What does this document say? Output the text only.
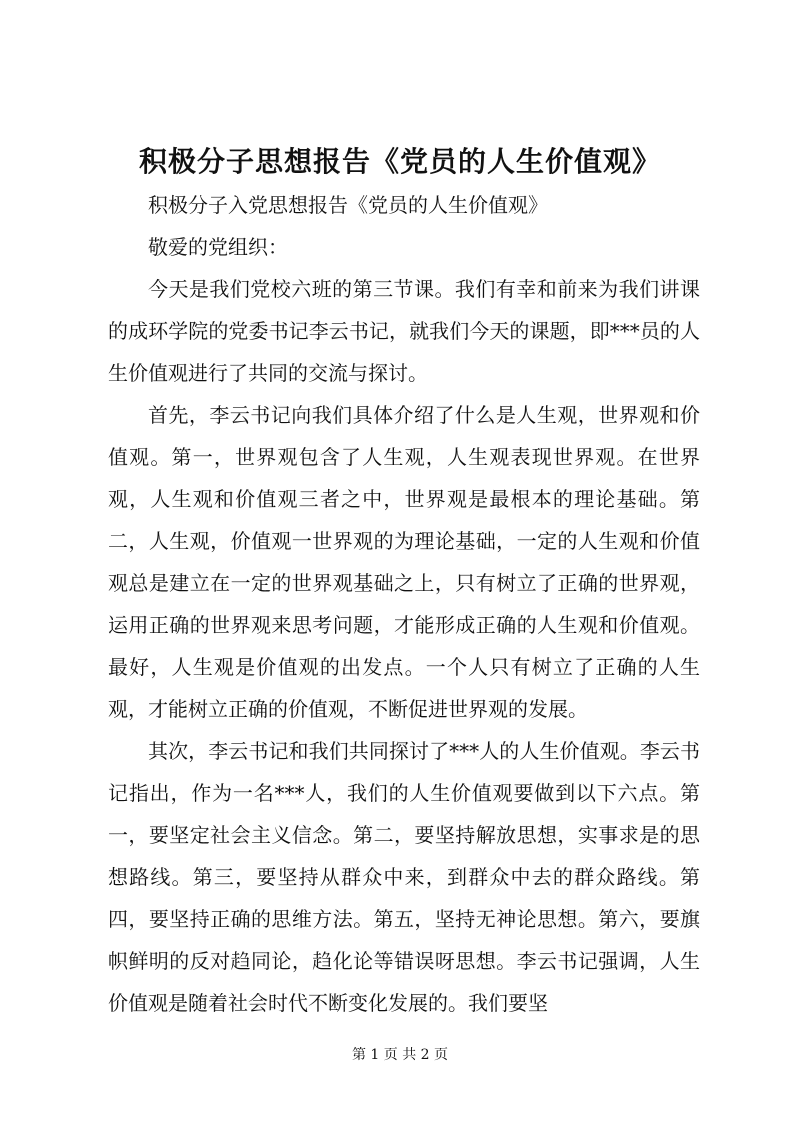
积极分子思想报告《党员的人生价值观》

积极分子入党思想报告《党员的人生价值观》

敬爱的党组织：

今天是我们党校六班的第三节课。我们有幸和前来为我们讲课的成环学院的党委书记李云书记，就我们今天的课题，即***员的人生价值观进行了共同的交流与探讨。

首先，李云书记向我们具体介绍了什么是人生观，世界观和价值观。第一，世界观包含了人生观，人生观表现世界观。在世界观，人生观和价值观三者之中，世界观是最根本的理论基础。第二，人生观，价值观一世界观的为理论基础，一定的人生观和价值观总是建立在一定的世界观基础之上，只有树立了正确的世界观，运用正确的世界观来思考问题，才能形成正确的人生观和价值观。最好，人生观是价值观的出发点。一个人只有树立了正确的人生观，才能树立正确的价值观，不断促进世界观的发展。

其次，李云书记和我们共同探讨了***人的人生价值观。李云书记指出，作为一名***人，我们的人生价值观要做到以下六点。第一，要坚定社会主义信念。第二，要坚持解放思想，实事求是的思想路线。第三，要坚持从群众中来，到群众中去的群众路线。第四，要坚持正确的思维方法。第五，坚持无神论思想。第六，要旗帜鲜明的反对趋同论，趋化论等错误呀思想。李云书记强调，人生价值观是随着社会时代不断变化发展的。我们要坚

第 1 页 共 2 页
